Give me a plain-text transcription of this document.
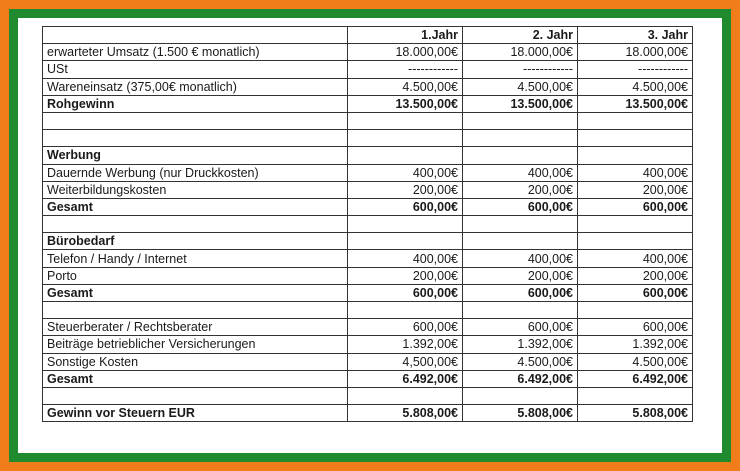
	1.Jahr	2. Jahr	3. Jahr
erwarteter Umsatz (1.500 € monatlich)	18.000,00€	18.000,00€	18.000,00€
USt	------------	------------	------------
Wareneinsatz (375,00€ monatlich)	4.500,00€	4.500,00€	4.500,00€
Rohgewinn	13.500,00€	13.500,00€	13.500,00€

Werbung			
Dauernde Werbung (nur Druckkosten)	400,00€	400,00€	400,00€
Weiterbildungskosten	200,00€	200,00€	200,00€
Gesamt	600,00€	600,00€	600,00€

Bürobedarf			
Telefon / Handy / Internet	400,00€	400,00€	400,00€
Porto	200,00€	200,00€	200,00€
Gesamt	600,00€	600,00€	600,00€

Steuerberater / Rechtsberater	600,00€	600,00€	600,00€
Beiträge betrieblicher Versicherungen	1.392,00€	1.392,00€	1.392,00€
Sonstige Kosten	4,500,00€	4.500,00€	4.500,00€
Gesamt	6.492,00€	6.492,00€	6.492,00€

Gewinn vor Steuern EUR	5.808,00€	5.808,00€	5.808,00€
